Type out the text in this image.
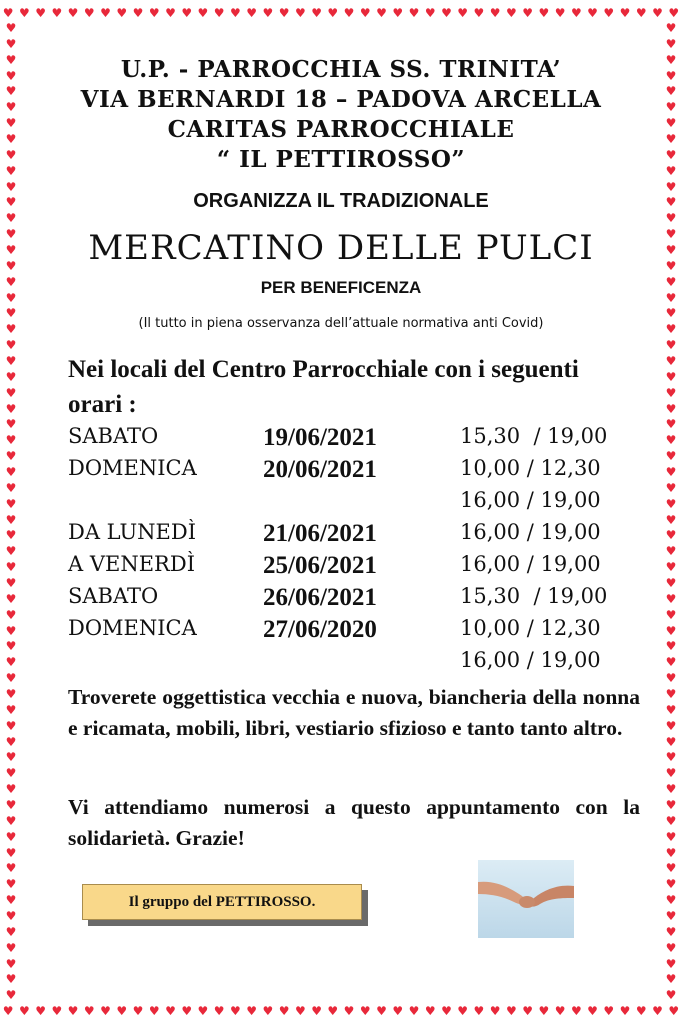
♥ ♥ ♥ ♥ ♥ ♥ ♥ ♥ ♥ ♥ ♥ ♥ ♥ ♥ ♥ ♥ ♥ ♥ ♥ ♥ ♥ ♥ ♥ ♥ ♥ ♥ ♥ ♥ ♥ ♥ ♥ ♥ ♥ ♥ ♥ ♥ ♥ ♥ ♥ ♥ ♥ ♥
♥ ♥ ♥ ♥ ♥ ♥ ♥ ♥ ♥ ♥ ♥ ♥ ♥ ♥ ♥ ♥ ♥ ♥ ♥ ♥ ♥ ♥ ♥ ♥ ♥ ♥ ♥ ♥ ♥ ♥ ♥ ♥ ♥ ♥ ♥ ♥ ♥ ♥ ♥ ♥ ♥ ♥
♥
♥
♥
♥
♥
♥
♥
♥
♥
♥
♥
♥
♥
♥
♥
♥
♥
♥
♥
♥
♥
♥
♥
♥
♥
♥
♥
♥
♥
♥
♥
♥
♥
♥
♥
♥
♥
♥
♥
♥
♥
♥
♥
♥
♥
♥
♥
♥
♥
♥
♥
♥
♥
♥
♥
♥
♥
♥
♥
♥
♥
♥
♥
♥
♥
♥
♥
♥
♥
♥
♥
♥
♥
♥
♥
♥
♥
♥
♥
♥
♥
♥
♥
♥
♥
♥
♥
♥
♥
♥
♥
♥
♥
♥
♥
♥
♥
♥
♥
♥
♥
♥
♥
♥
♥
♥
♥
♥
♥
♥
♥
♥
♥
♥
♥
♥
♥
♥
♥
♥
♥
♥
♥
♥
U.P. - PARROCCHIA SS. TRINITA’
VIA BERNARDI 18 – PADOVA ARCELLA
CARITAS PARROCCHIALE
“ IL PETTIROSSO”
ORGANIZZA IL TRADIZIONALE
MERCATINO DELLE PULCI
PER BENEFICENZA
(Il tutto in piena osservanza dell’attuale normativa anti Covid)
Nei locali del Centro Parrocchiale con i seguenti orari :
SABATO	19/06/2021	15,30  / 19,00
DOMENICA	20/06/2021	10,00 / 12,30
16,00 / 19,00
DA LUNEDÌ	21/06/2021	16,00 / 19,00
A VENERDÌ	25/06/2021	16,00 / 19,00
SABATO	26/06/2021	15,30  / 19,00
DOMENICA	27/06/2020	10,00 / 12,30
16,00 / 19,00
Troverete oggettistica vecchia e nuova, biancheria della nonna e ricamata, mobili, libri, vestiario sfizioso e tanto tanto altro.
Vi attendiamo numerosi a questo appuntamento con la solidarietà. Grazie!
Il gruppo del PETTIROSSO.
